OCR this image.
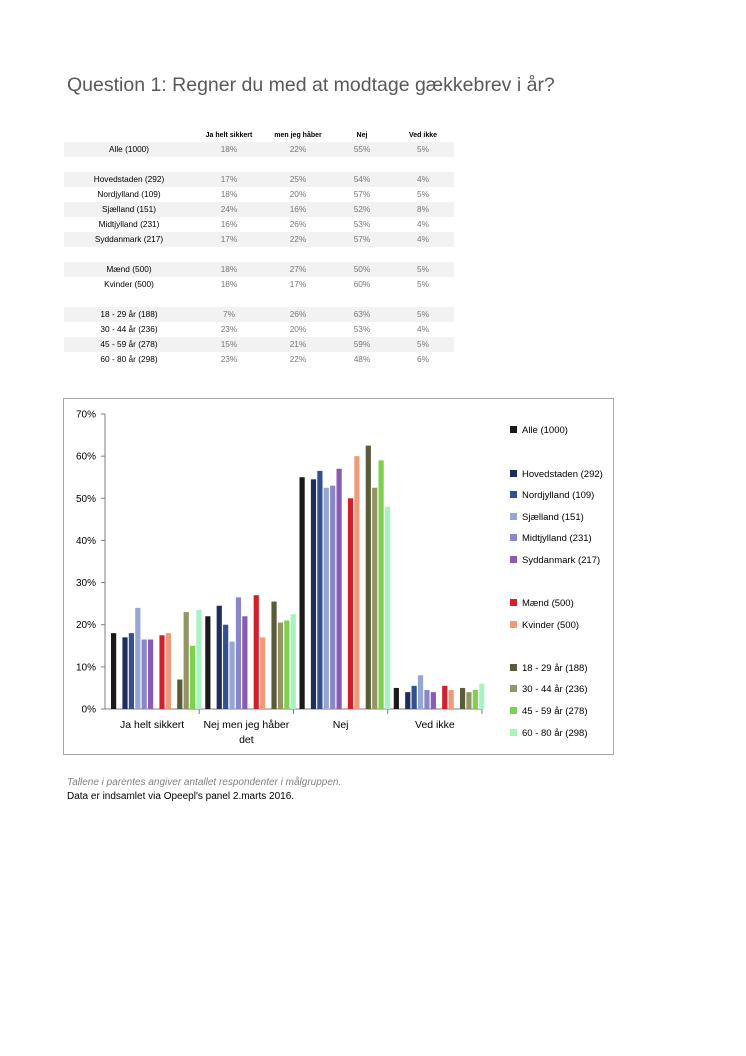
Question 1: Regner du med at modtage gækkebrev i år?
	Ja helt sikkert	men jeg håber	Nej	Ved ikke
Alle (1000)	18%	22%	55%	5%

Hovedstaden (292)	17%	25%	54%	4%
Nordjylland (109)	18%	20%	57%	5%
Sjælland (151)	24%	16%	52%	8%
Midtjylland (231)	16%	26%	53%	4%
Syddanmark (217)	17%	22%	57%	4%

Mænd (500)	18%	27%	50%	5%
Kvinder (500)	18%	17%	60%	5%

18 - 29 år (188)	7%	26%	63%	5%
30 - 44 år (236)	23%	20%	53%	4%
45 - 59 år (278)	15%	21%	59%	5%
60 - 80 år (298)	23%	22%	48%	6%
0%
10%
20%
30%
40%
50%
60%
70%
Ja helt sikkert Nej men jeg håber
det
Nej	Ved ikke
Alle (1000)
Hovedstaden (292)
Nordjylland (109)
Sjælland (151)
Midtjylland (231)
Syddanmark (217)
Mænd (500)
Kvinder (500)
18 - 29 år (188)
30 - 44 år (236)
45 - 59 år (278)
60 - 80 år (298)
Tallene i parentes angiver antallet respondenter i målgruppen.
Data er indsamlet via Opeepl's panel 2.marts 2016.
